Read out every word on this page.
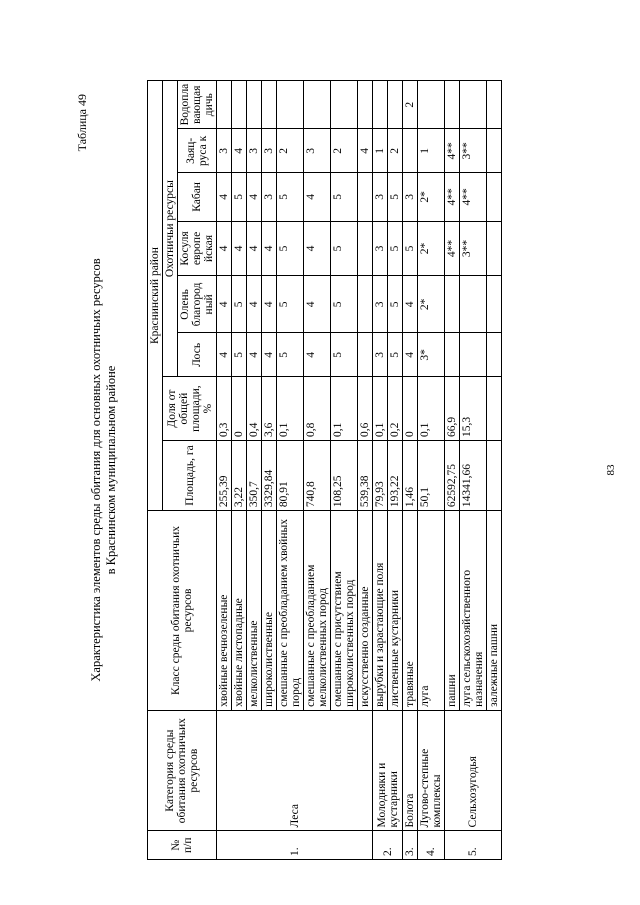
Таблица 49
Характеристика элементов среды обитания для основных охотничьих ресурсов в Краснинском муниципальном районе
№ п/п	Категория среды обитания охотничьих ресурсов	Класс среды обитания охотничьих ресурсов	Краснинский район							
			Площадь, га	Доля от общей площади, %	Охотничьи ресурсы					
					Лось	Олень благород ный	Косуля европе йская	Кабан	Заяц-руса к	Водопла вающая дичь
1.	Леса	хвойные вечнозеленые	255,39	0,3	4	4	4	4	3	
		хвойные листопадные	3,22	0	5	5	4	5	4	
		мелколиственные	350,7	0,4	4	4	4	4	3	
		широколиственные	3329,84	3,6	4	4	4	3	3	
		смешанные с преобладанием хвойных пород	80,91	0,1	5	5	5	5	2	
		смешанные с преобладанием мелколиственных пород	740,8	0,8	4	4	4	4	3	
		смешанные с присутствием широколиственных пород	108,25	0,1	5	5	5	5	2	
		искусственно созданные	539,38	0,6					4	
2.	Молодняки и кустарники	вырубки и зарастающие поля	79,93	0,1	3	3	3	3	1	
		лиственные кустарники	193,22	0,2	5	5	5	5	2	
3.	Болота	травяные	1,46	0	4	4	5	3		2
4.	Лугово-степные комплексы	луга	50,1	0,1	3*	2*	2*	2*	1	
5.	Сельхозугодья	пашни	62592,75	66,9			4**	4**	4**	
		луга сельскохозяйственного назначения	14341,66	15,3			3**	4**	3**	
		залежные пашни								
83
